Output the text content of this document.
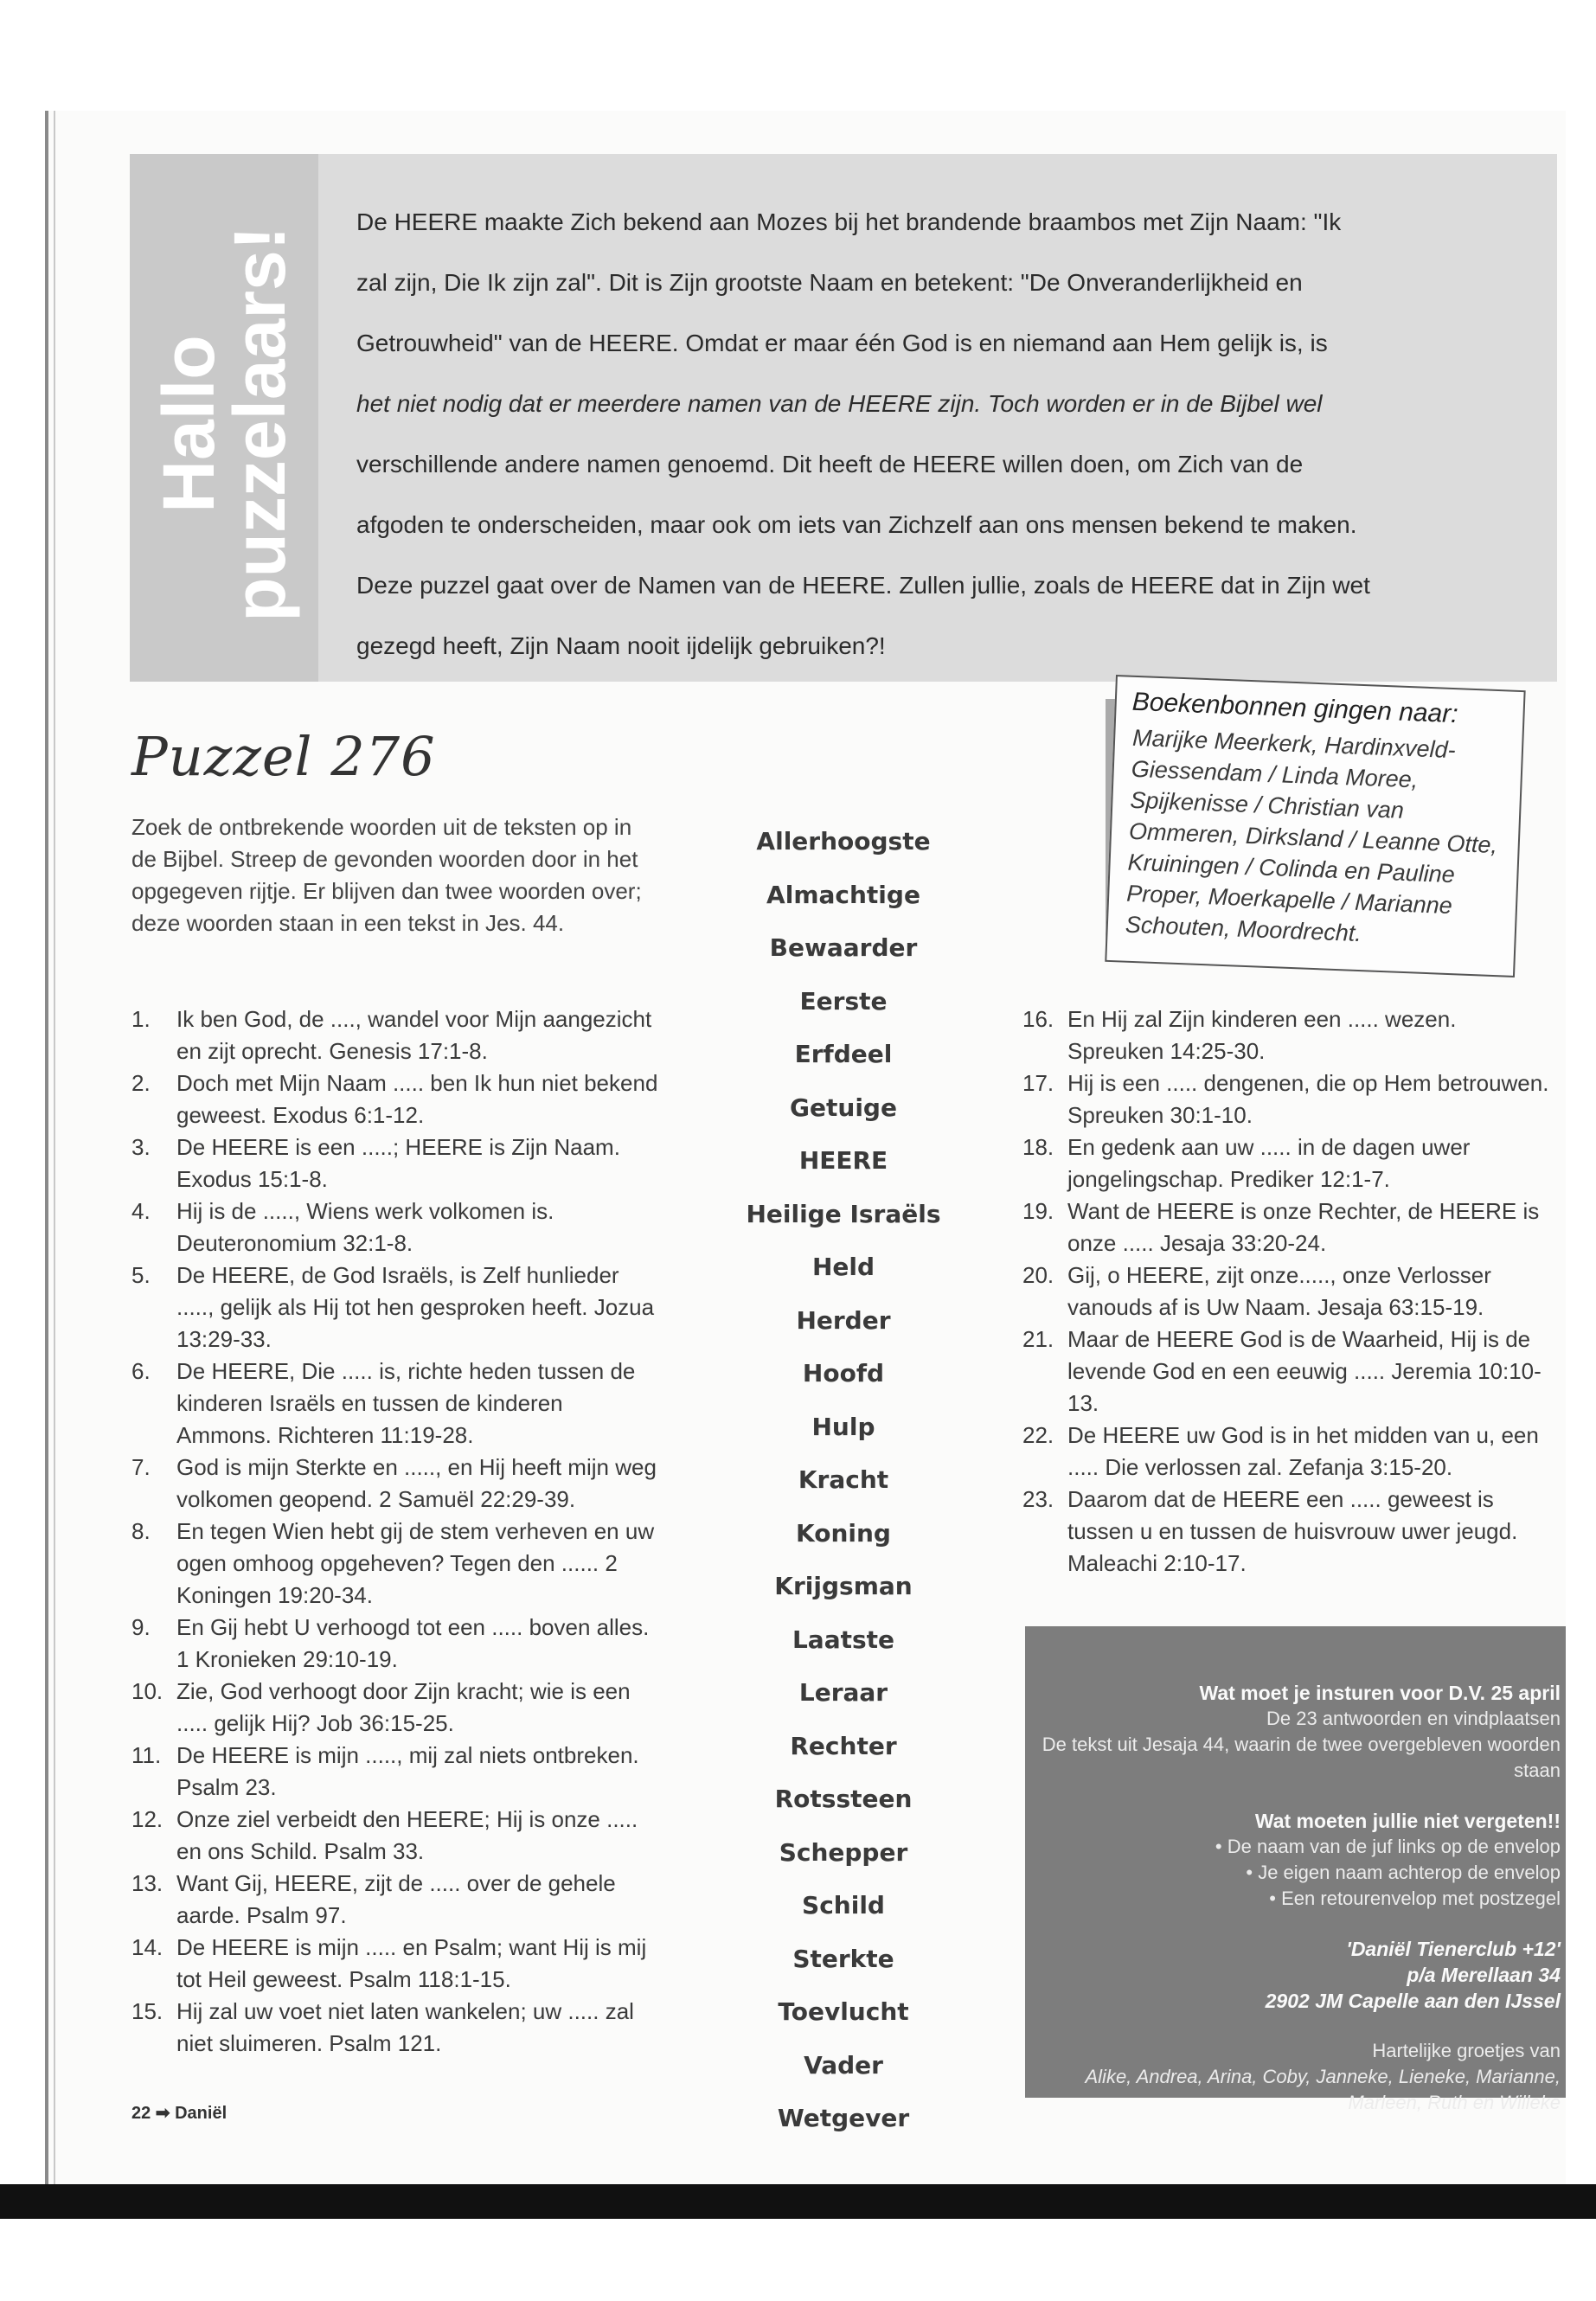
Hallo
puzzelaars!

De HEERE maakte Zich bekend aan Mozes bij het brandende braambos met Zijn Naam: "Ik

zal zijn, Die Ik zijn zal". Dit is Zijn grootste Naam en betekent: "De Onveranderlijkheid en

Getrouwheid" van de HEERE. Omdat er maar één God is en niemand aan Hem gelijk is, is

het niet nodig dat er meerdere namen van de HEERE zijn. Toch worden er in de Bijbel wel

verschillende andere namen genoemd. Dit heeft de HEERE willen doen, om Zich van de

afgoden te onderscheiden, maar ook om iets van Zichzelf aan ons mensen bekend te maken.

Deze puzzel gaat over de Namen van de HEERE. Zullen jullie, zoals de HEERE dat in Zijn wet

gezegd heeft, Zijn Naam nooit ijdelijk gebruiken?!

Boekenbonnen gingen naar:
Marijke Meerkerk, Hardinxveld-Giessendam / Linda Moree, Spijkenisse / Christian van Ommeren, Dirksland / Leanne Otte, Kruiningen / Colinda en Pauline Proper, Moerkapelle / Marianne Schouten, Moordrecht.
Puzzel 276
Zoek de ontbrekende woorden uit de teksten op in de Bijbel. Streep de gevonden woorden door in het opgegeven rijtje. Er blijven dan twee woorden over; deze woorden staan in een tekst in Jes. 44.
1.	Ik ben God, de ...., wandel voor Mijn aangezicht en zijt oprecht. Genesis 17:1-8.
2.	Doch met Mijn Naam ..... ben Ik hun niet bekend geweest. Exodus 6:1-12.
3.	De HEERE is een .....; HEERE is Zijn Naam. Exodus 15:1-8.
4.	Hij is de ....., Wiens werk volkomen is. Deuteronomium 32:1-8.
5.	De HEERE, de God Israëls, is Zelf hunlieder ....., gelijk als Hij tot hen gesproken heeft. Jozua 13:29-33.
6.	De HEERE, Die ..... is, richte heden tussen de kinderen Israëls en tussen de kinderen Ammons. Richteren 11:19-28.
7.	God is mijn Sterkte en ....., en Hij heeft mijn weg volkomen geopend. 2 Samuël 22:29-39.
8.	En tegen Wien hebt gij de stem verheven en uw ogen omhoog opgeheven? Tegen den ...... 2 Koningen 19:20-34.
9.	En Gij hebt U verhoogd tot een ..... boven alles. 1 Kronieken 29:10-19.
10. Zie, God verhoogt door Zijn kracht; wie is een ..... gelijk Hij? Job 36:15-25.
11. De HEERE is mijn ....., mij zal niets ontbreken. Psalm 23.
12. Onze ziel verbeidt den HEERE; Hij is onze ..... en ons Schild. Psalm 33.
13. Want Gij, HEERE, zijt de ..... over de gehele aarde. Psalm 97.
14. De HEERE is mijn ..... en Psalm; want Hij is mij tot Heil geweest. Psalm 118:1-15.
15. Hij zal uw voet niet laten wankelen; uw ..... zal niet sluimeren. Psalm 121.
Allerhoogste
Almachtige
Bewaarder
Eerste
Erfdeel
Getuige
HEERE
Heilige Israëls
Held
Herder
Hoofd
Hulp
Kracht
Koning
Krijgsman
Laatste
Leraar
Rechter
Rotssteen
Schepper
Schild
Sterkte
Toevlucht
Vader
Wetgever
16. En Hij zal Zijn kinderen een ..... wezen. Spreuken 14:25-30.
17. Hij is een ..... dengenen, die op Hem betrouwen. Spreuken 30:1-10.
18. En gedenk aan uw ..... in de dagen uwer jongelingschap. Prediker 12:1-7.
19. Want de HEERE is onze Rechter, de HEERE is onze ..... Jesaja 33:20-24.
20. Gij, o HEERE, zijt onze....., onze Verlosser vanouds af is Uw Naam. Jesaja 63:15-19.
21. Maar de HEERE God is de Waarheid, Hij is de levende God en een eeuwig ..... Jeremia 10:10-13.
22. De HEERE uw God is in het midden van u, een ..... Die verlossen zal. Zefanja 3:15-20.
23. Daarom dat de HEERE een ..... geweest is tussen u en tussen de huisvrouw uwer jeugd. Maleachi 2:10-17.
22 ➡ Daniël
Wat moet je insturen voor D.V. 25 april
De 23 antwoorden en vindplaatsen
De tekst uit Jesaja 44, waarin de twee overgebleven woorden staan
Wat moeten jullie niet vergeten!!
• De naam van de juf links op de envelop
• Je eigen naam achterop de envelop
• Een retourenvelop met postzegel
'Daniël Tienerclub +12'
p/a Merellaan 34
2902 JM Capelle aan den IJssel
Hartelijke groetjes van
Alike, Andrea, Arina, Coby, Janneke, Lieneke, Marianne, Marleen, Ruth en Willeke
